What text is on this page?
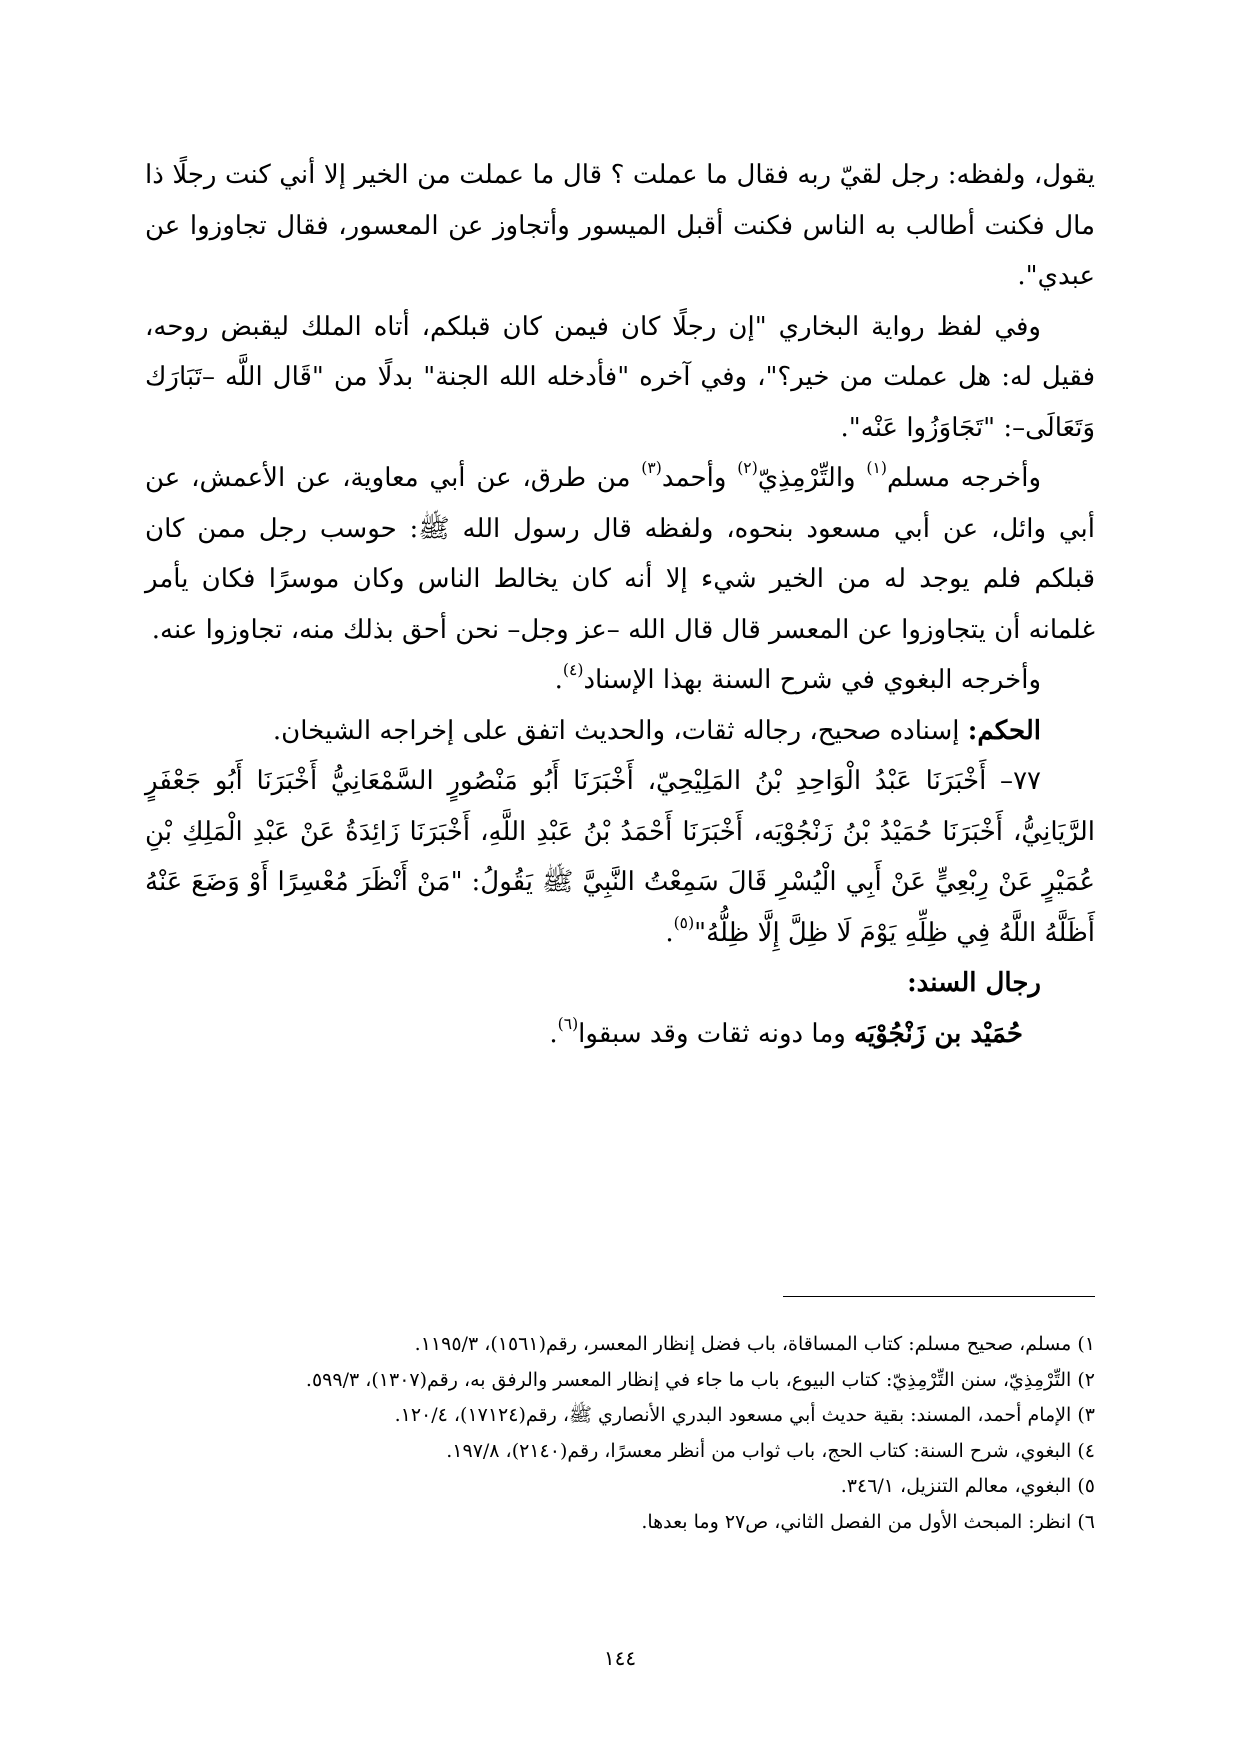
يقول، ولفظه: رجل لقيّ ربه فقال ما عملت ؟ قال ما عملت من الخير إلا أني كنت رجلًا ذا مال فكنت أطالب به الناس فكنت أقبل الميسور وأتجاوز عن المعسور، فقال تجاوزوا عن عبدي".

وفي لفظ رواية البخاري "إن رجلًا كان فيمن كان قبلكم، أتاه الملك ليقبض روحه، فقيل له: هل عملت من خير؟"، وفي آخره "فأدخله الله الجنة" بدلًا من "قَال اللَّه –تَبَارَك وَتَعَالَى–: "تَجَاوَزُوا عَنْه".

وأخرجه مسلم$^{(١)}$ والتِّرْمِذِيّ$^{(٢)}$ وأحمد$^{(٣)}$ من طرق، عن أبي معاوية، عن الأعمش، عن أبي وائل، عن أبي مسعود بنحوه، ولفظه قال رسول الله ﷺ: حوسب رجل ممن كان قبلكم فلم يوجد له من الخير شيء إلا أنه كان يخالط الناس وكان موسرًا فكان يأمر غلمانه أن يتجاوزوا عن المعسر قال قال الله –عز وجل– نحن أحق بذلك منه، تجاوزوا عنه.

وأخرجه البغوي في شرح السنة بهذا الإسناد$^{(٤)}$.

الحكم: إسناده صحيح، رجاله ثقات، والحديث اتفق على إخراجه الشيخان.

٧٧– أَخْبَرَنَا عَبْدُ الْوَاحِدِ بْنُ المَلِيْحِيّ، أَخْبَرَنَا أَبُو مَنْصُورٍ السَّمْعَانِيُّ أَخْبَرَنَا أَبُو جَعْفَرٍ الرَّيَانِيُّ، أَخْبَرَنَا حُمَيْدُ بْنُ زَنْجُوْيَه، أَخْبَرَنَا أَحْمَدُ بْنُ عَبْدِ اللَّهِ، أَخْبَرَنَا زَائِدَةُ عَنْ عَبْدِ الْمَلِكِ بْنِ عُمَيْرٍ عَنْ رِبْعِيٍّ عَنْ أَبِي الْيُسْرِ قَالَ سَمِعْتُ النَّبِيَّ ﷺ يَقُولُ: "مَنْ أَنْظَرَ مُعْسِرًا أَوْ وَضَعَ عَنْهُ أَظَلَّهُ اللَّهُ فِي ظِلِّهِ يَوْمَ لَا ظِلَّ إِلَّا ظِلُّهُ"$^{(٥)}$.

رجال السند:

حُمَيْد بن زَنْجُوْيَه وما دونه ثقات وقد سبقوا$^{(٦)}$.

١) مسلم، صحيح مسلم: كتاب المساقاة، باب فضل إنظار المعسر، رقم(١٥٦١)، ١١٩٥/٣.
٢) التِّرْمِذِيّ، سنن التِّرْمِذِيّ: كتاب البيوع، باب ما جاء في إنظار المعسر والرفق به، رقم(١٣٠٧)، ٥٩٩/٣.
٣) الإمام أحمد، المسند: بقية حديث أبي مسعود البدري الأنصاري ﷺ، رقم(١٧١٢٤)، ١٢٠/٤.
٤) البغوي، شرح السنة: كتاب الحج، باب ثواب من أنظر معسرًا، رقم(٢١٤٠)، ١٩٧/٨.
٥) البغوي، معالم التنزيل، ٣٤٦/١.
٦) انظر: المبحث الأول من الفصل الثاني، ص٢٧ وما بعدها.
١٤٤
